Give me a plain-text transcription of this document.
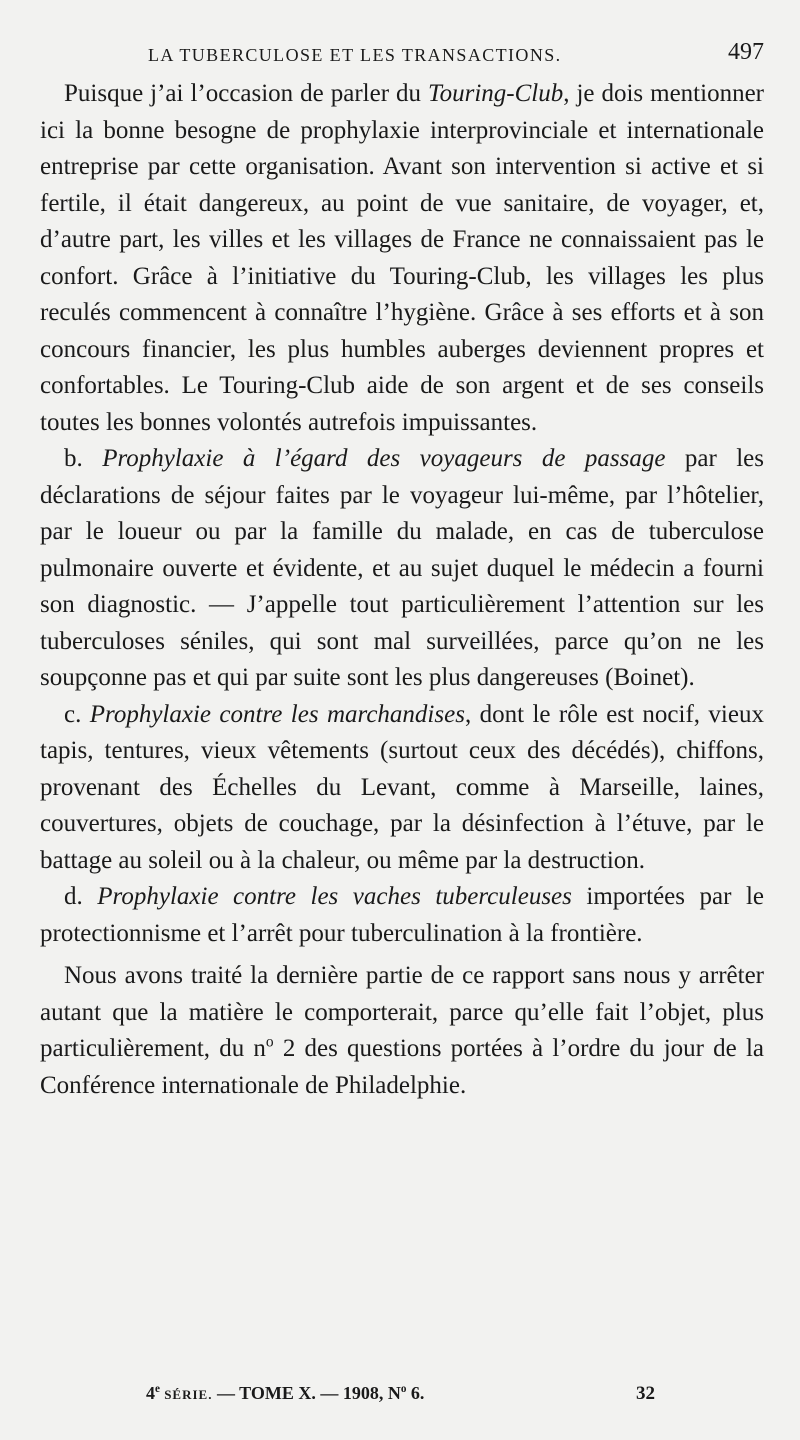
LA TUBERCULOSE ET LES TRANSACTIONS.	497

Puisque j’ai l’occasion de parler du Touring-Club, je dois mentionner ici la bonne besogne de prophylaxie interprovinciale et internationale entreprise par cette organisation. Avant son intervention si active et si fertile, il était dangereux, au point de vue sanitaire, de voyager, et, d’autre part, les villes et les villages de France ne connaissaient pas le confort. Grâce à l’initiative du Touring-Club, les villages les plus reculés commencent à connaître l’hygiène. Grâce à ses efforts et à son concours financier, les plus humbles auberges deviennent propres et confortables. Le Touring-Club aide de son argent et de ses conseils toutes les bonnes volontés autrefois impuissantes.

b. Prophylaxie à l’égard des voyageurs de passage par les déclarations de séjour faites par le voyageur lui-même, par l’hôtelier, par le loueur ou par la famille du malade, en cas de tuberculose pulmonaire ouverte et évidente, et au sujet duquel le médecin a fourni son diagnostic. — J’appelle tout particulièrement l’attention sur les tuberculoses séniles, qui sont mal surveillées, parce qu’on ne les soupçonne pas et qui par suite sont les plus dangereuses (Boinet).

c. Prophylaxie contre les marchandises, dont le rôle est nocif, vieux tapis, tentures, vieux vêtements (surtout ceux des décédés), chiffons, provenant des Échelles du Levant, comme à Marseille, laines, couvertures, objets de couchage, par la désinfection à l’étuve, par le battage au soleil ou à la chaleur, ou même par la destruction.

d. Prophylaxie contre les vaches tuberculeuses importées par le protectionnisme et l’arrêt pour tuberculination à la frontière.

Nous avons traité la dernière partie de ce rapport sans nous y arrêter autant que la matière le comporterait, parce qu’elle fait l’objet, plus particulièrement, du $n^o$ 2 des questions portées à l’ordre du jour de la Conférence internationale de Philadelphie.

4e SÉRIE. — TOME X. — 1908, $N^o$ 6.	32
